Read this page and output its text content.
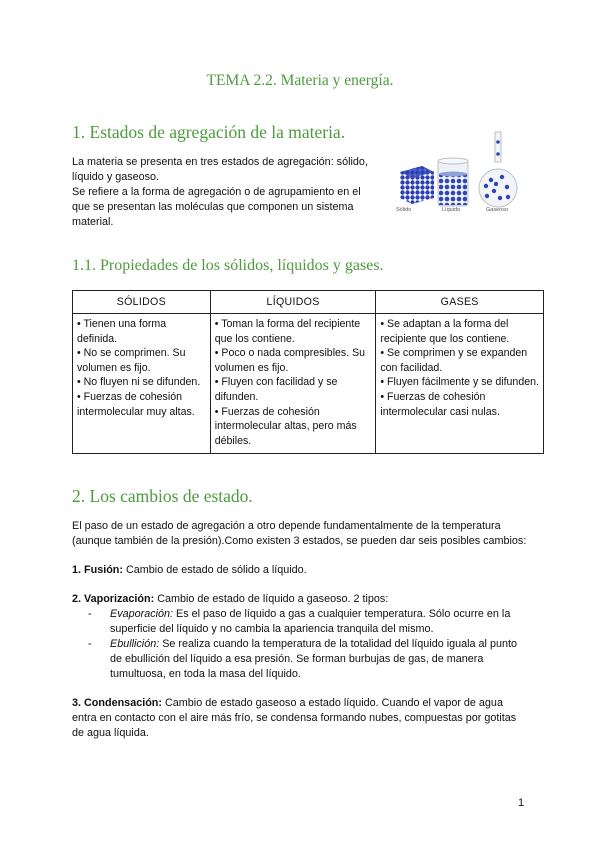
TEMA 2.2. Materia y energía.
1. Estados de agregación de la materia.

La materia se presenta en tres estados de agregación: sólido, líquido y gaseoso.

Se refiere a la forma de agregación o de agrupamiento en el que se presentan las moléculas que componen un sistema material.

Sólido	Líquido	Gaseoso
1.1. Propiedades de los sólidos, líquidos y gases.
SÓLIDOS	LÍQUIDOS	GASES

• Tienen una forma definida.
• No se comprimen. Su volumen es fijo.
• No fluyen ni se difunden.
• Fuerzas de cohesión intermolecular muy altas.	• Toman la forma del recipiente que los contiene.
• Poco o nada compresibles. Su volumen es fijo.
• Fluyen con facilidad y se difunden.
• Fuerzas de cohesión intermolecular altas, pero más débiles.	• Se adaptan a la forma del recipiente que los contiene.
• Se comprimen y se expanden con facilidad.
• Fluyen fácilmente y se difunden.
• Fuerzas de cohesión intermolecular casi nulas.
2. Los cambios de estado.

El paso de un estado de agregación a otro depende fundamentalmente de la temperatura (aunque también de la presión).Como existen 3 estados, se pueden dar seis posibles cambios:

1. Fusión: Cambio de estado de sólido a líquido.

2. Vaporización: Cambio de estado de líquido a gaseoso. 2 tipos:

- Evaporación: Es el paso de líquido a gas a cualquier temperatura. Sólo ocurre en la superficie del líquido y no cambia la apariencia tranquila del mismo.
- Ebullición: Se realiza cuando la temperatura de la totalidad del líquido iguala al punto de ebullición del líquido a esa presión. Se forman burbujas de gas, de manera tumultuosa, en toda la masa del líquido.

3. Condensación: Cambio de estado gaseoso a estado líquido. Cuando el vapor de agua entra en contacto con el aire más frío, se condensa formando nubes, compuestas por gotitas de agua líquida.

1
